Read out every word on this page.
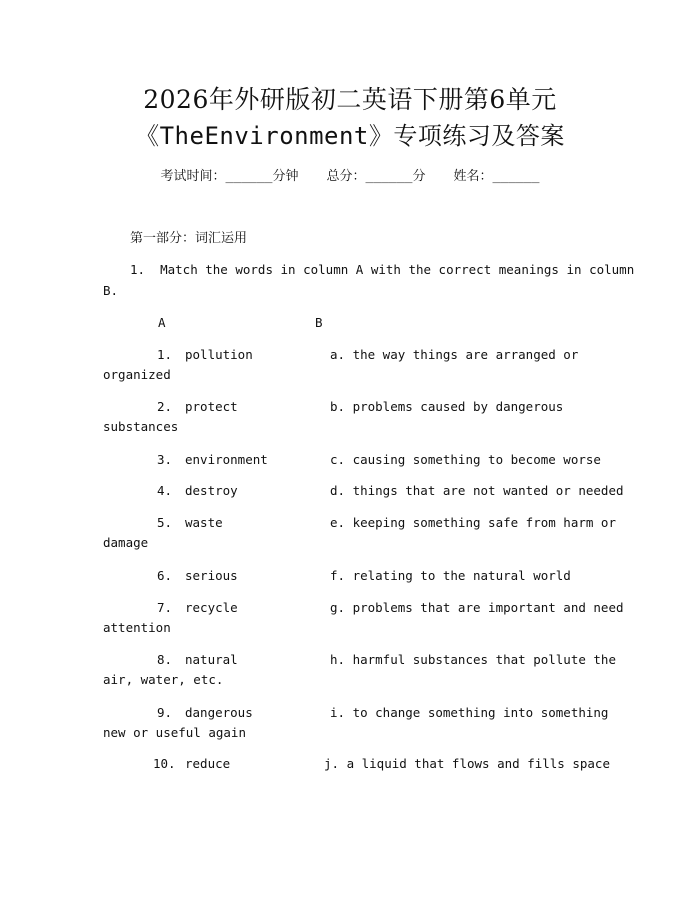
2026年外研版初二英语下册第6单元
《TheEnvironment》专项练习及答案
考试时间：______分钟 总分：______分 姓名：______
第一部分：词汇运用
1.  Match the words in column A with the correct meanings in column
B.
A	B
1. pollution	a. the way things are arranged or
organized
2. protect	b. problems caused by dangerous
substances
3. environment	c. causing something to become worse
4. destroy	d. things that are not wanted or needed
5. waste	e. keeping something safe from harm or
damage
6. serious	f. relating to the natural world
7. recycle	g. problems that are important and need
attention
8. natural	h. harmful substances that pollute the
air, water, etc.
9. dangerous	i. to change something into something
new or useful again
10. reduce	j. a liquid that flows and fills space
